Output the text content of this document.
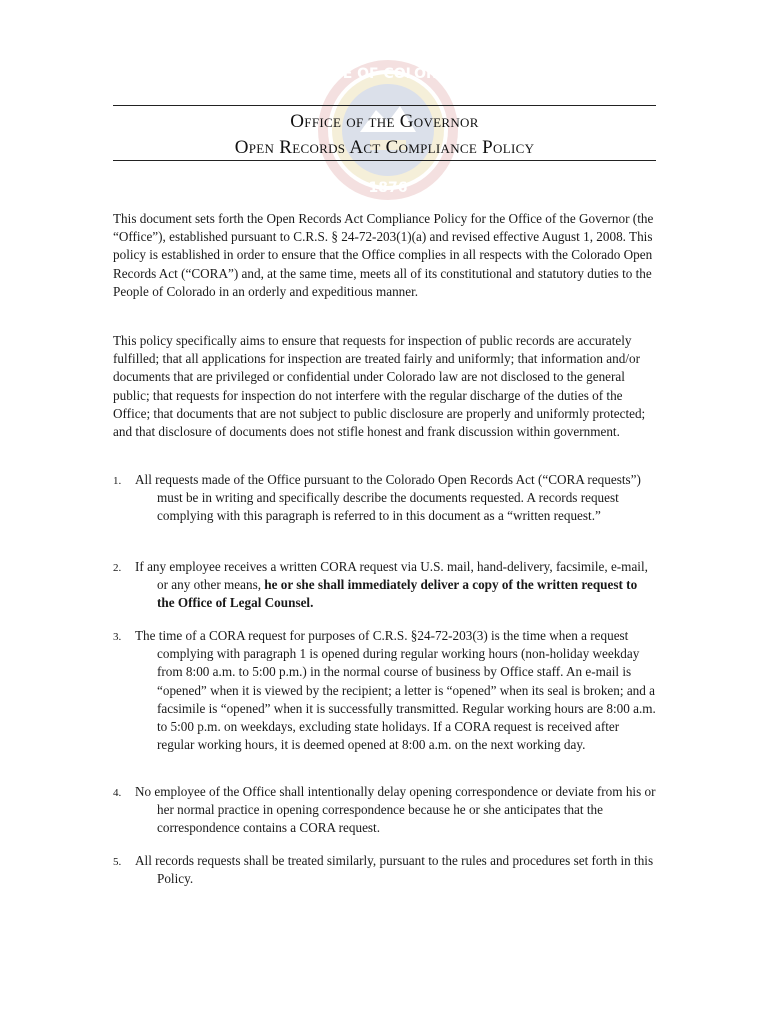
STATE OF COLORADO
1876
Office of the Governor
Open Records Act Compliance Policy

This document sets forth the Open Records Act Compliance Policy for the Office of the Governor (the “Office”), established pursuant to C.R.S. § 24-72-203(1)(a) and revised effective August 1, 2008. This policy is established in order to ensure that the Office complies in all respects with the Colorado Open Records Act (“CORA”) and, at the same time, meets all of its constitutional and statutory duties to the People of Colorado in an orderly and expeditious manner.

This policy specifically aims to ensure that requests for inspection of public records are accurately fulfilled; that all applications for inspection are treated fairly and uniformly; that information and/or documents that are privileged or confidential under Colorado law are not disclosed to the general public; that requests for inspection do not interfere with the regular discharge of the duties of the Office; that documents that are not subject to public disclosure are properly and uniformly protected; and that disclosure of documents does not stifle honest and frank discussion within government.

1. All requests made of the Office pursuant to the Colorado Open Records Act (“CORA requests”) must be in writing and specifically describe the documents requested. A records request complying with this paragraph is referred to in this document as a “written request.”
2. If any employee receives a written CORA request via U.S. mail, hand-delivery, facsimile, e-mail, or any other means, he or she shall immediately deliver a copy of the written request to the Office of Legal Counsel.
3. The time of a CORA request for purposes of C.R.S. §24-72-203(3) is the time when a request complying with paragraph 1 is opened during regular working hours (non-holiday weekday from 8:00 a.m. to 5:00 p.m.) in the normal course of business by Office staff. An e-mail is “opened” when it is viewed by the recipient; a letter is “opened” when its seal is broken; and a facsimile is “opened” when it is successfully transmitted. Regular working hours are 8:00 a.m. to 5:00 p.m. on weekdays, excluding state holidays. If a CORA request is received after regular working hours, it is deemed opened at 8:00 a.m. on the next working day.
4. No employee of the Office shall intentionally delay opening correspondence or deviate from his or her normal practice in opening correspondence because he or she anticipates that the correspondence contains a CORA request.
5. All records requests shall be treated similarly, pursuant to the rules and procedures set forth in this Policy.
